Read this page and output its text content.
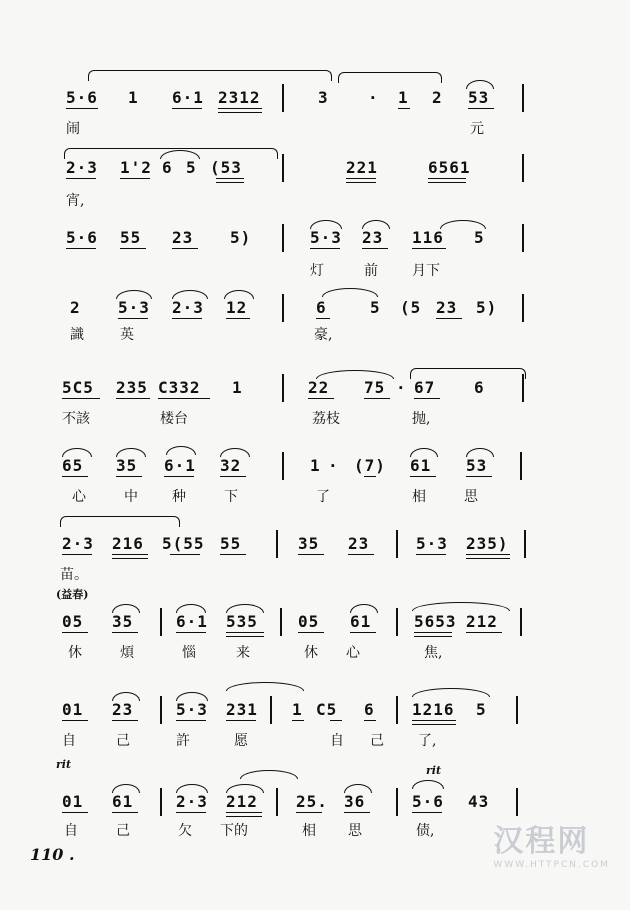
5·6 1 6·1 2312	3 · 1 2 53
闹	元
2·3 1'2 6 5 (53	221	6561
宵,
5·6 55 23 5)	5·3 23 116 5
灯	前 月下
2 5·3 2·3 12	6	5 (5 23 5)
識	英	豪,
5C5 235 C332 1	22 75 · 67 6
不該	楼台	荔枝	抛,
65 35 6·1 32	1 · (7) 61 53
心	中 种	下	了	相	思
2·3 216 5(55 55	35 23	5·3 235)
苗。
(益春)
05 35	6·1 535	05 61	5653 212
休	煩	惱	来	休 心	焦,
01 23	5·3 231 1 C5 6 1216 5
自	己	許	愿	自 己 了,
rit	rit
01 61	2·3 212 25. 36	5·6 43
自	己	欠 下的	相 思	债,
110 .	汉程网
WWW.HTTPCN.COM
